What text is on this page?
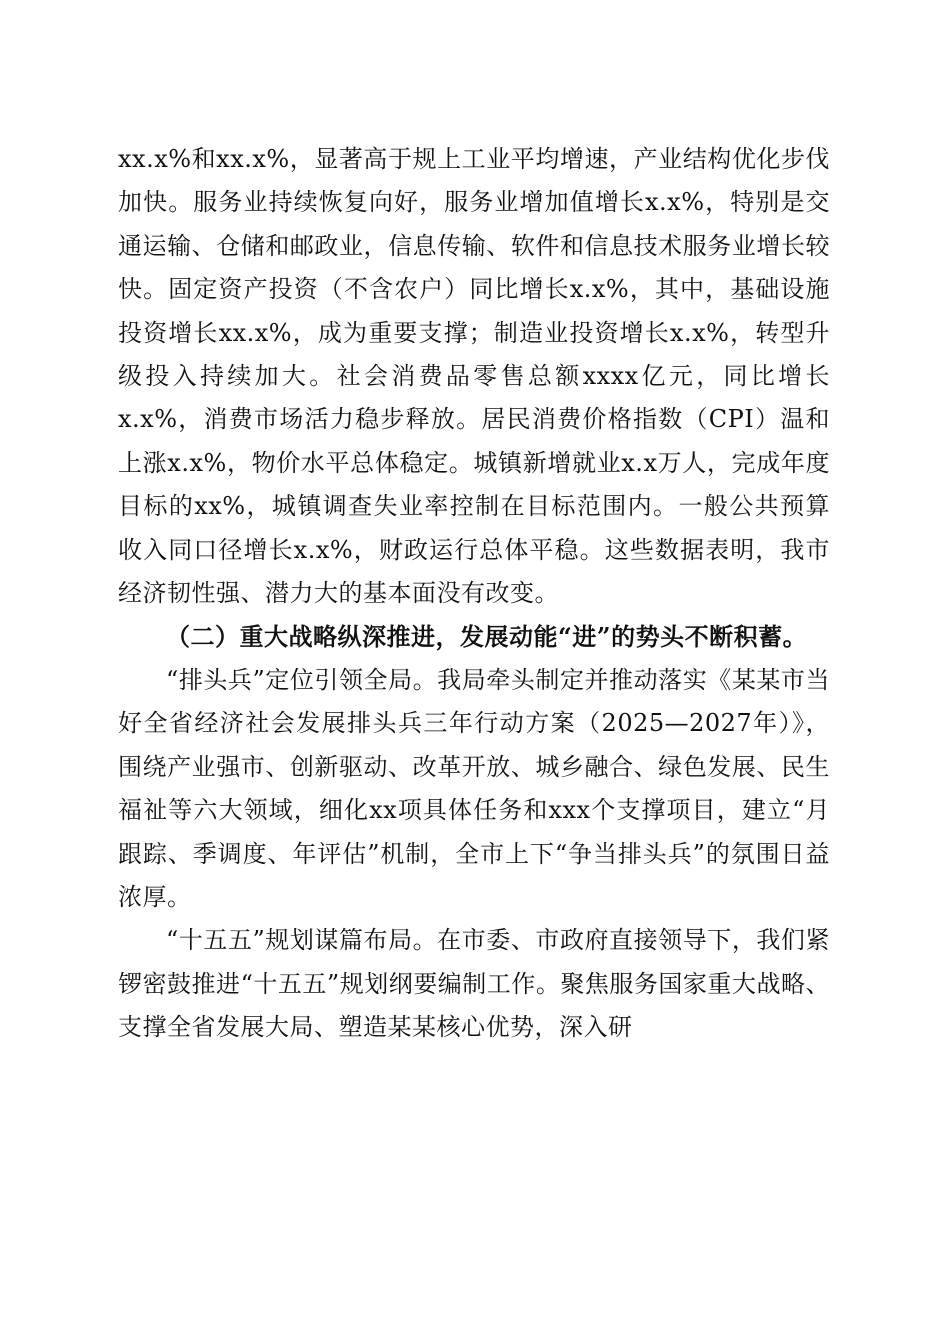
xx.x%和xx.x%，显著高于规上工业平均增速，产业结构优化步伐加快。服务业持续恢复向好，服务业增加值增长x.x%，特别是交通运输、仓储和邮政业，信息传输、软件和信息技术服务业增长较快。固定资产投资（不含农户）同比增长x.x%，其中，基础设施投资增长xx.x%，成为重要支撑；制造业投资增长x.x%，转型升级投入持续加大。社会消费品零售总额xxxx亿元，同比增长x.x%，消费市场活力稳步释放。居民消费价格指数（CPI）温和上涨x.x%，物价水平总体稳定。城镇新增就业x.x万人，完成年度目标的xx%，城镇调查失业率控制在目标范围内。一般公共预算收入同口径增长x.x%，财政运行总体平稳。这些数据表明，我市经济韧性强、潜力大的基本面没有改变。

（二）重大战略纵深推进，发展动能“进”的势头不断积蓄。

“排头兵”定位引领全局。我局牵头制定并推动落实《某某市当好全省经济社会发展排头兵三年行动方案（2025—2027年）》，围绕产业强市、创新驱动、改革开放、城乡融合、绿色发展、民生福祉等六大领域，细化xx项具体任务和xxx个支撑项目，建立“月跟踪、季调度、年评估”机制，全市上下“争当排头兵”的氛围日益浓厚。

“十五五”规划谋篇布局。在市委、市政府直接领导下，我们紧锣密鼓推进“十五五”规划纲要编制工作。聚焦服务国家重大战略、支撑全省发展大局、塑造某某核心优势，深入研
